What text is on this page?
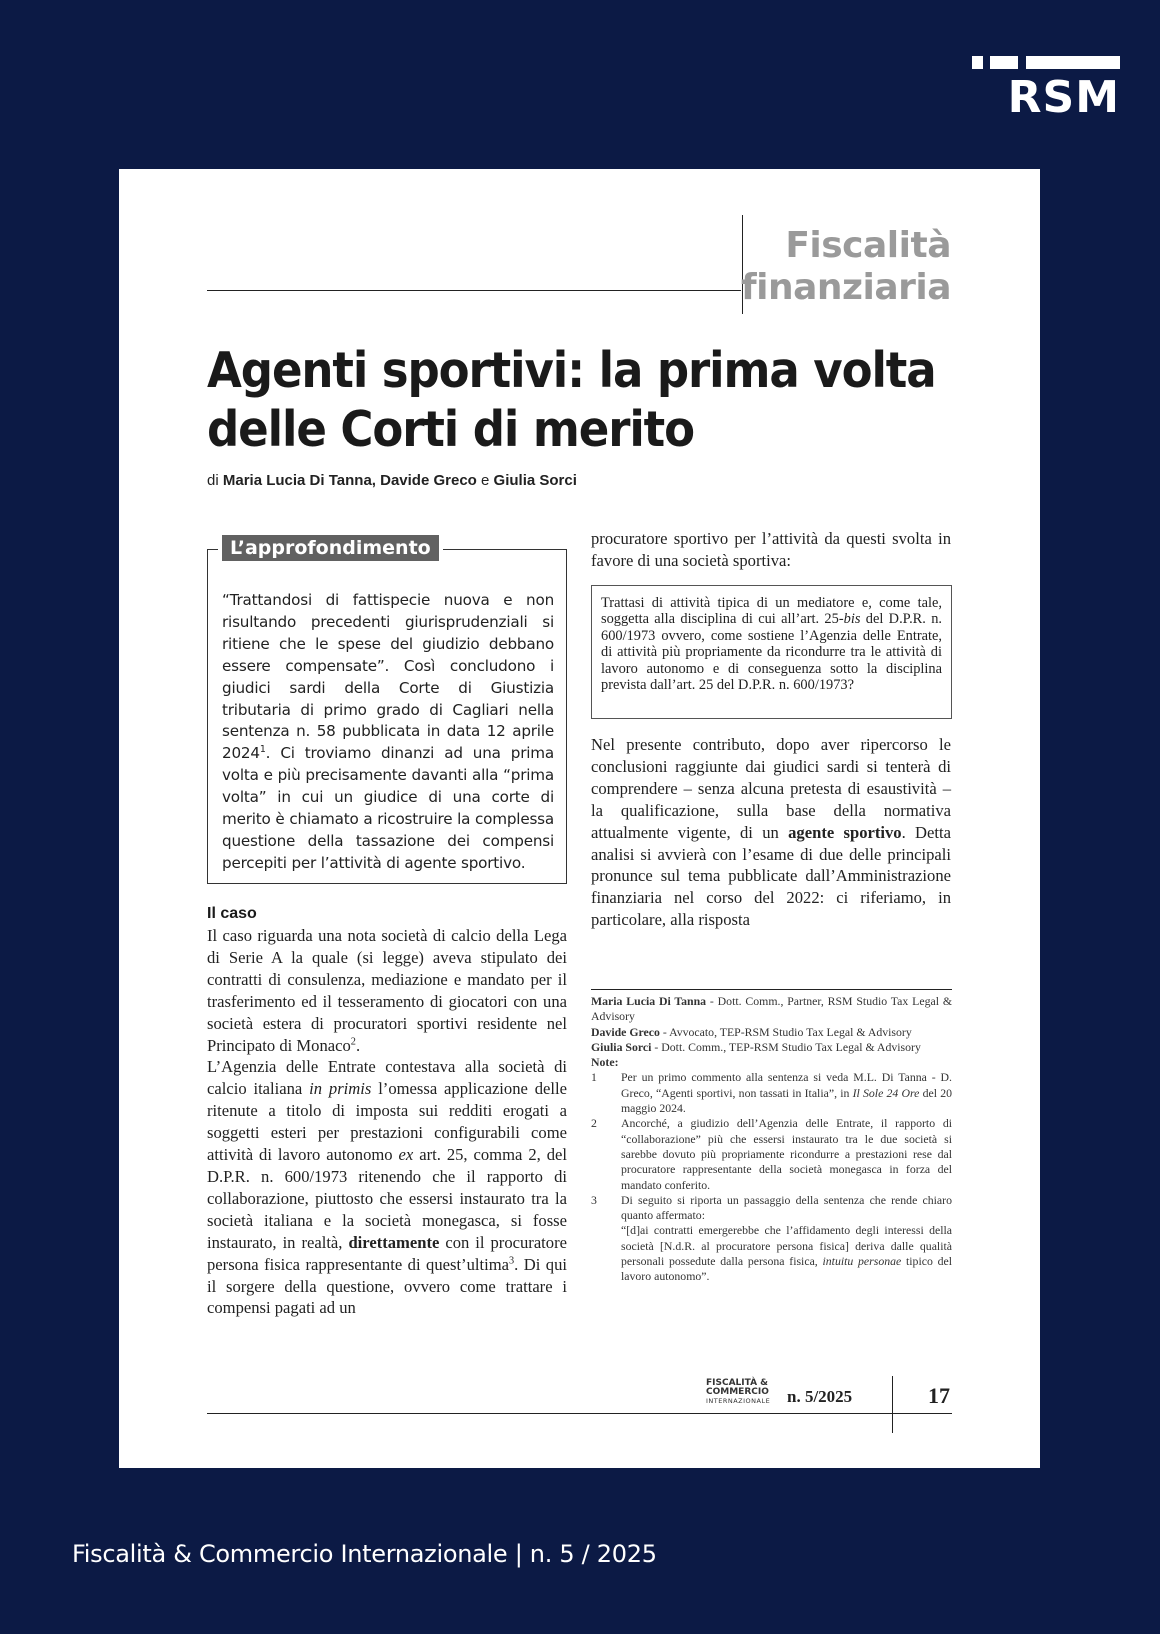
RSM
Fiscalità
finanziaria
Agenti sportivi: la prima volta
delle Corti di merito
di Maria Lucia Di Tanna, Davide Greco e Giulia Sorci
L’approfondimento

“Trattandosi di fattispecie nuova e non risultando precedenti giurisprudenziali si ritiene che le spese del giudizio debbano essere compensate”. Così concludono i giudici sardi della Corte di Giustizia tributaria di primo grado di Cagliari nella sentenza n. 58 pubblicata in data 12 aprile 2024$^1$. Ci troviamo dinanzi ad una prima volta e più precisamente davanti alla “prima volta” in cui un giudice di una corte di merito è chiamato a ricostruire la complessa questione della tassazione dei compensi percepiti per l’attività di agente sportivo.

Il caso

Il caso riguarda una nota società di calcio della Lega di Serie A la quale (si legge) aveva stipulato dei contratti di consulenza, mediazione e mandato per il trasferimento ed il tesseramento di giocatori con una società estera di procuratori sportivi residente nel Principato di Monaco$^2$.

L’Agenzia delle Entrate contestava alla società di calcio italiana in primis l’omessa applicazione delle ritenute a titolo di imposta sui redditi erogati a soggetti esteri per prestazioni configurabili come attività di lavoro autonomo ex art. 25, comma 2, del D.P.R. n. 600/1973 ritenendo che il rapporto di collaborazione, piuttosto che essersi instaurato tra la società italiana e la società monegasca, si fosse instaurato, in realtà, direttamente con il procuratore persona fisica rappresentante di quest’ultima$^3$. Di qui il sorgere della questione, ovvero come trattare i compensi pagati ad un

procuratore sportivo per l’attività da questi svolta in favore di una società sportiva:

Trattasi di attività tipica di un mediatore e, come tale, soggetta alla disciplina di cui all’art. 25-bis del D.P.R. n. 600/1973 ovvero, come sostiene l’Agenzia delle Entrate, di attività più propriamente da ricondurre tra le attività di lavoro autonomo e di conseguenza sotto la disciplina prevista dall’art. 25 del D.P.R. n. 600/1973?

Nel presente contributo, dopo aver ripercorso le conclusioni raggiunte dai giudici sardi si tenterà di comprendere – senza alcuna pretesta di esaustività – la qualificazione, sulla base della normativa attualmente vigente, di un agente sportivo. Detta analisi si avvierà con l’esame di due delle principali pronunce sul tema pubblicate dall’Amministrazione finanziaria nel corso del 2022: ci riferiamo, in particolare, alla risposta

Maria Lucia Di Tanna - Dott. Comm., Partner, RSM Studio Tax Legal & Advisory

Davide Greco - Avvocato, TEP-RSM Studio Tax Legal & Advisory

Giulia Sorci - Dott. Comm., TEP-RSM Studio Tax Legal & Advisory

Note:

1 Per un primo commento alla sentenza si veda M.L. Di Tanna - D. Greco, “Agenti sportivi, non tassati in Italia”, in Il Sole 24 Ore del 20 maggio 2024.

2 Ancorché, a giudizio dell’Agenzia delle Entrate, il rapporto di “collaborazione” più che essersi instaurato tra le due società si sarebbe dovuto più propriamente ricondurre a prestazioni rese dal procuratore rappresentante della società monegasca in forza del mandato conferito.

3 Di seguito si riporta un passaggio della sentenza che rende chiaro quanto affermato:

“[d]ai contratti emergerebbe che l’affidamento degli interessi della società [N.d.R. al procuratore persona fisica] deriva dalle qualità personali possedute dalla persona fisica, intuitu personae tipico del lavoro autonomo”.

FISCALITÀ &
COMMERCIO
INTERNAZIONALE n. 5/2025	17
Fiscalità & Commercio Internazionale | n. 5 / 2025
